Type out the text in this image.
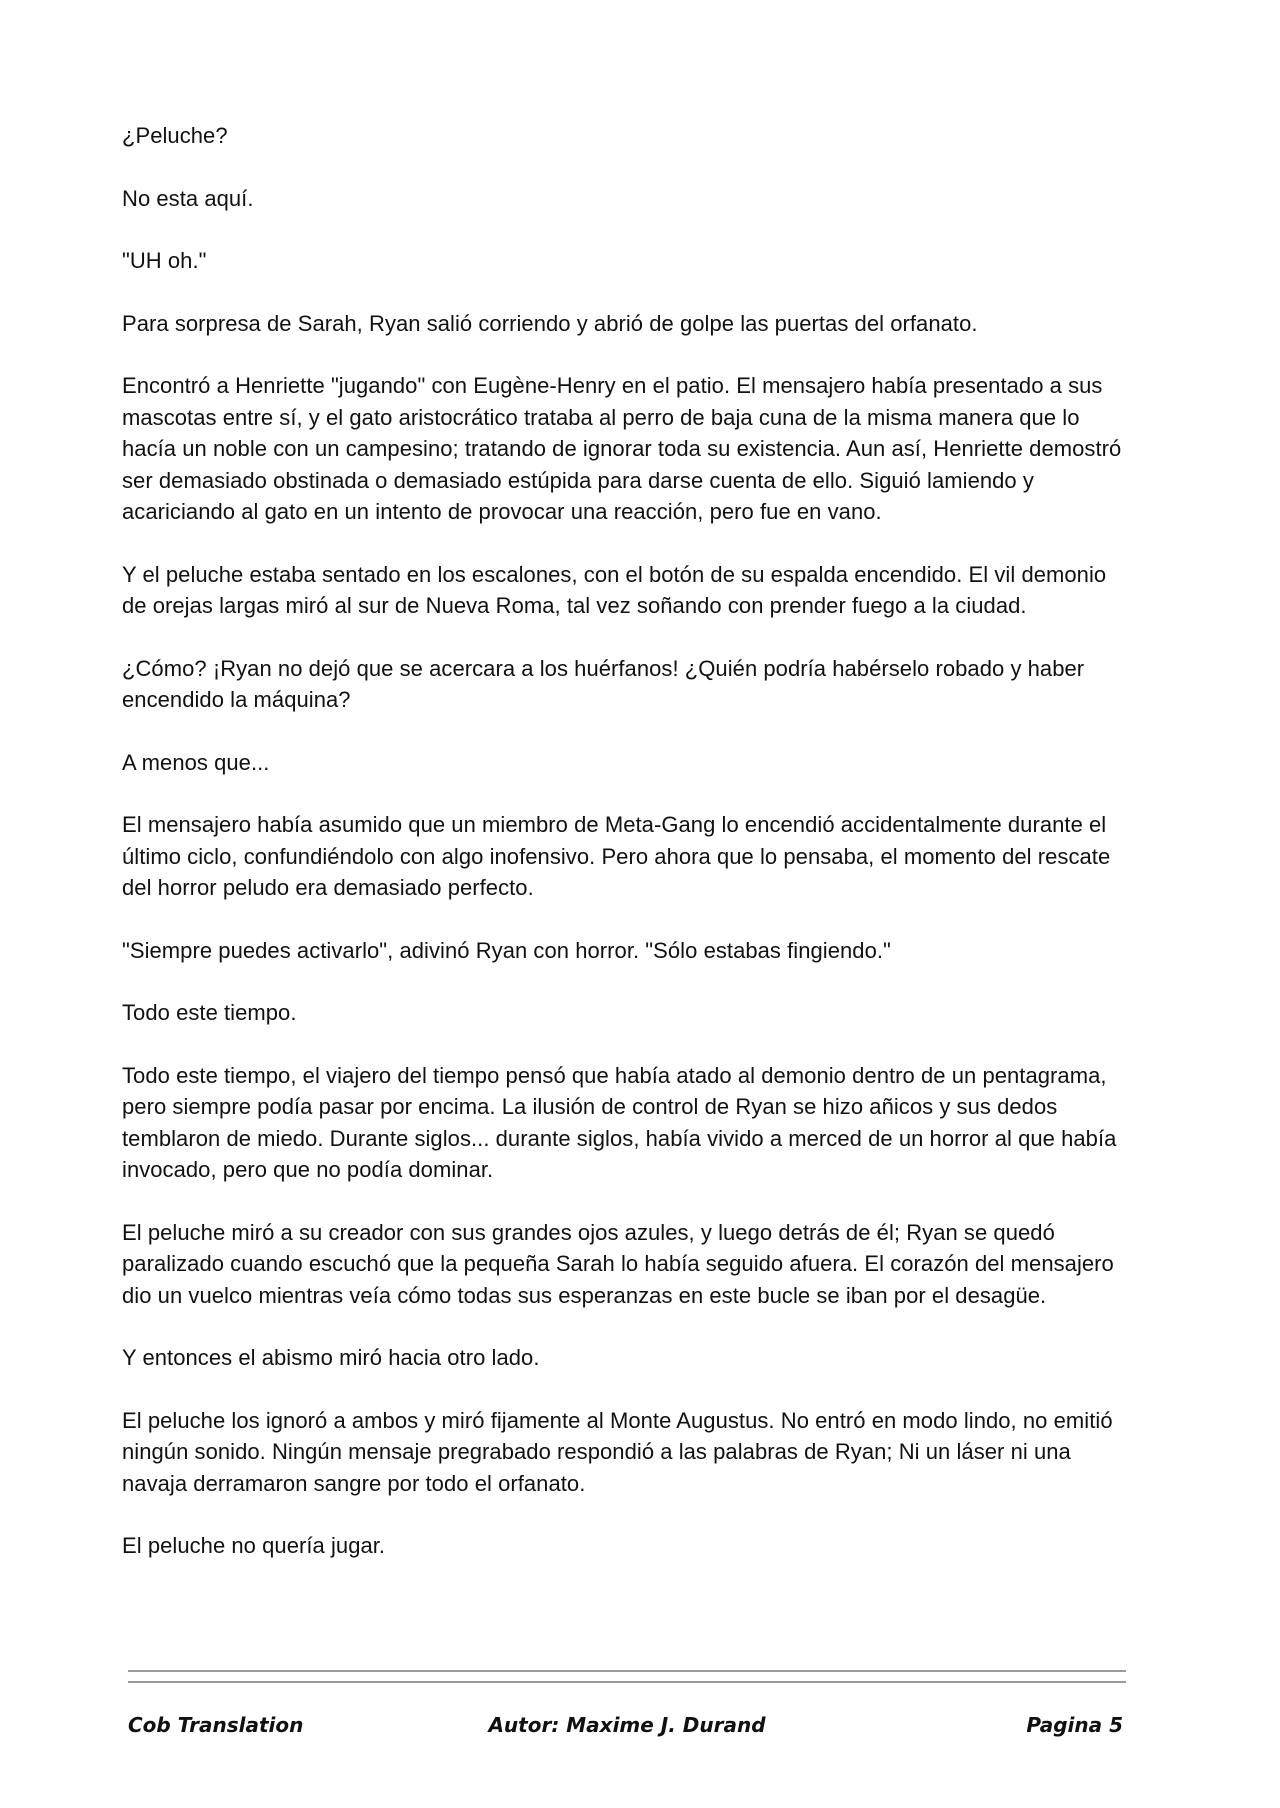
¿Peluche?

No esta aquí.

"UH oh."

Para sorpresa de Sarah, Ryan salió corriendo y abrió de golpe las puertas del orfanato.

Encontró a Henriette "jugando" con Eugène-Henry en el patio. El mensajero había presentado a sus mascotas entre sí, y el gato aristocrático trataba al perro de baja cuna de la misma manera que lo hacía un noble con un campesino; tratando de ignorar toda su existencia. Aun así, Henriette demostró ser demasiado obstinada o demasiado estúpida para darse cuenta de ello. Siguió lamiendo y acariciando al gato en un intento de provocar una reacción, pero fue en vano.

Y el peluche estaba sentado en los escalones, con el botón de su espalda encendido. El vil demonio de orejas largas miró al sur de Nueva Roma, tal vez soñando con prender fuego a la ciudad.

¿Cómo? ¡Ryan no dejó que se acercara a los huérfanos! ¿Quién podría habérselo robado y haber encendido la máquina?

A menos que...

El mensajero había asumido que un miembro de Meta-Gang lo encendió accidentalmente durante el último ciclo, confundiéndolo con algo inofensivo. Pero ahora que lo pensaba, el momento del rescate del horror peludo era demasiado perfecto.

"Siempre puedes activarlo", adivinó Ryan con horror. "Sólo estabas fingiendo."

Todo este tiempo.

Todo este tiempo, el viajero del tiempo pensó que había atado al demonio dentro de un pentagrama, pero siempre podía pasar por encima. La ilusión de control de Ryan se hizo añicos y sus dedos temblaron de miedo. Durante siglos... durante siglos, había vivido a merced de un horror al que había invocado, pero que no podía dominar.

El peluche miró a su creador con sus grandes ojos azules, y luego detrás de él; Ryan se quedó paralizado cuando escuchó que la pequeña Sarah lo había seguido afuera. El corazón del mensajero dio un vuelco mientras veía cómo todas sus esperanzas en este bucle se iban por el desagüe.

Y entonces el abismo miró hacia otro lado.

El peluche los ignoró a ambos y miró fijamente al Monte Augustus. No entró en modo lindo, no emitió ningún sonido. Ningún mensaje pregrabado respondió a las palabras de Ryan; Ni un láser ni una navaja derramaron sangre por todo el orfanato.

El peluche no quería jugar.

Cob Translation	Autor: Maxime J. Durand	Pagina 5
